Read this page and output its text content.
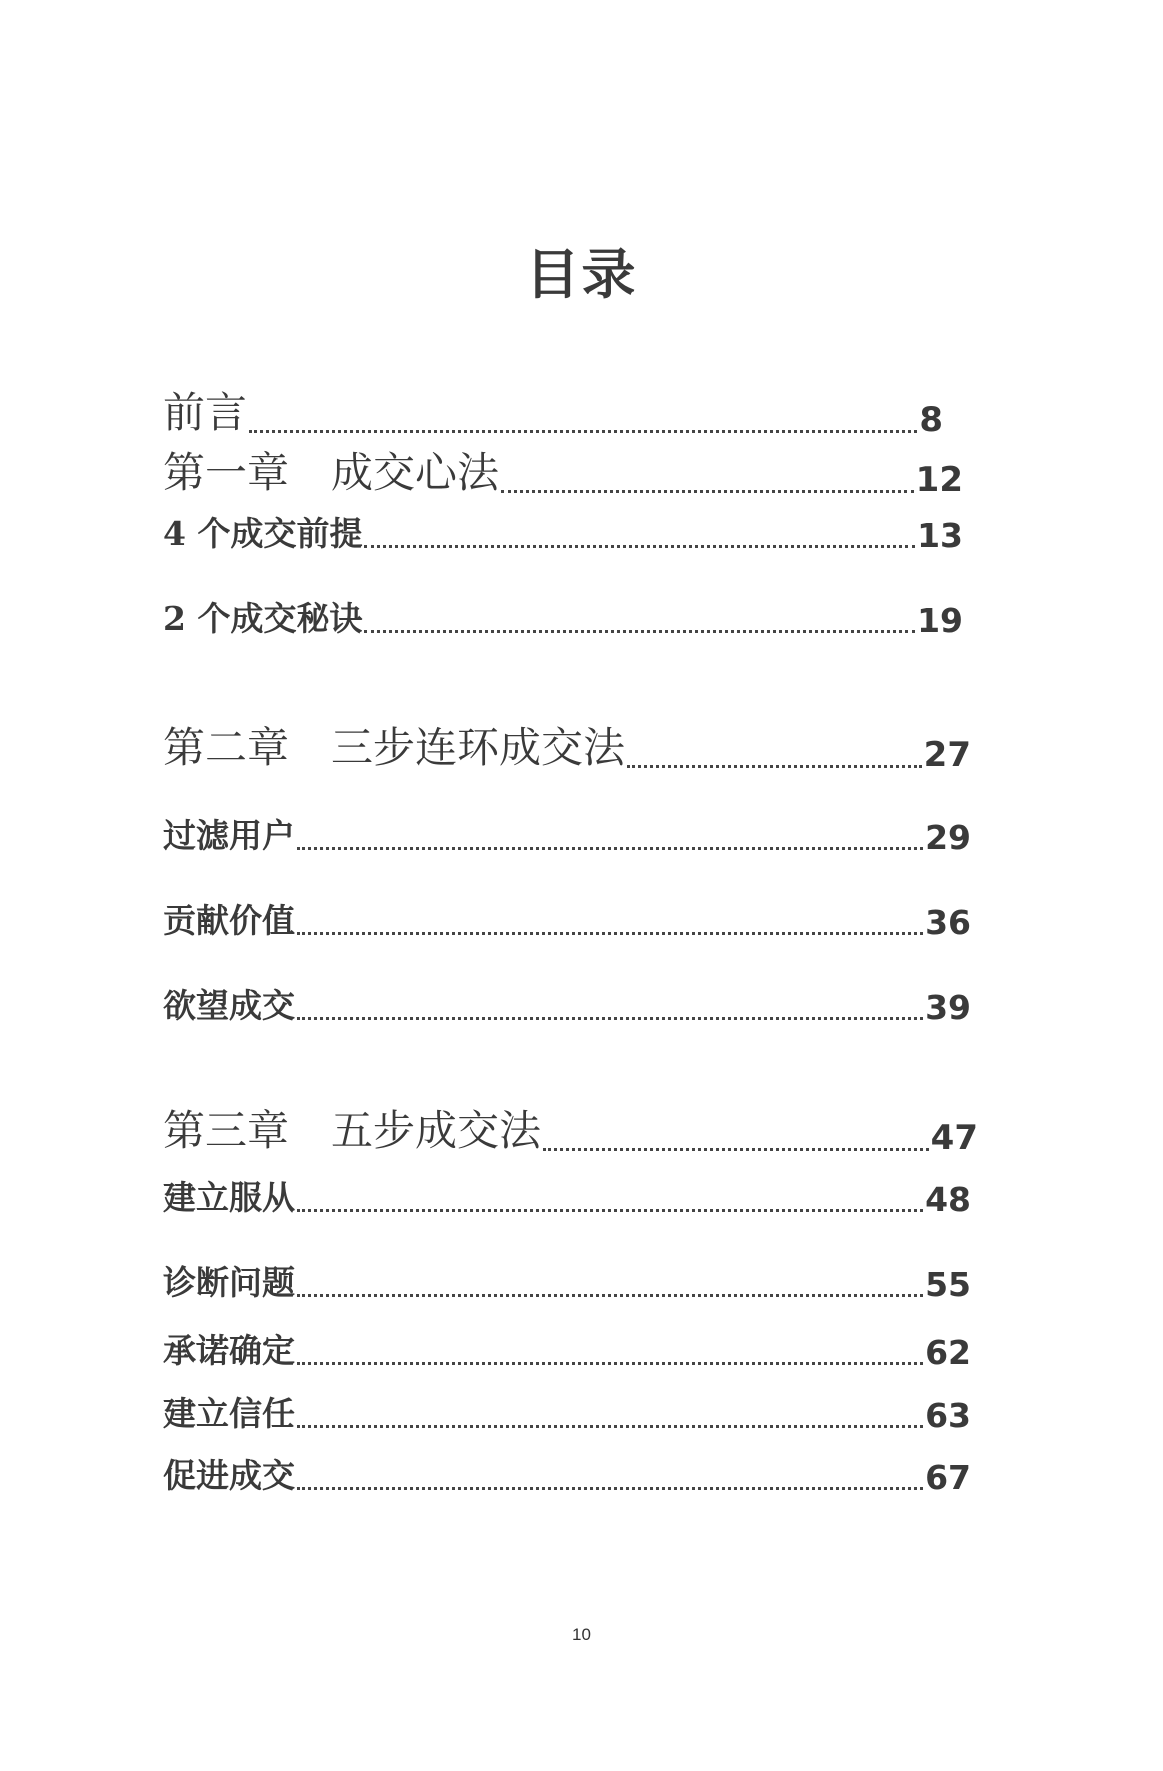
目录
前言	8
第一章　成交心法	12
4 个成交前提	13
2 个成交秘诀	19
第二章　三步连环成交法	27
过滤用户	29
贡献价值	36
欲望成交	39
第三章　五步成交法	47
建立服从	48
诊断问题	55
承诺确定	62
建立信任	63
促进成交	67
10
